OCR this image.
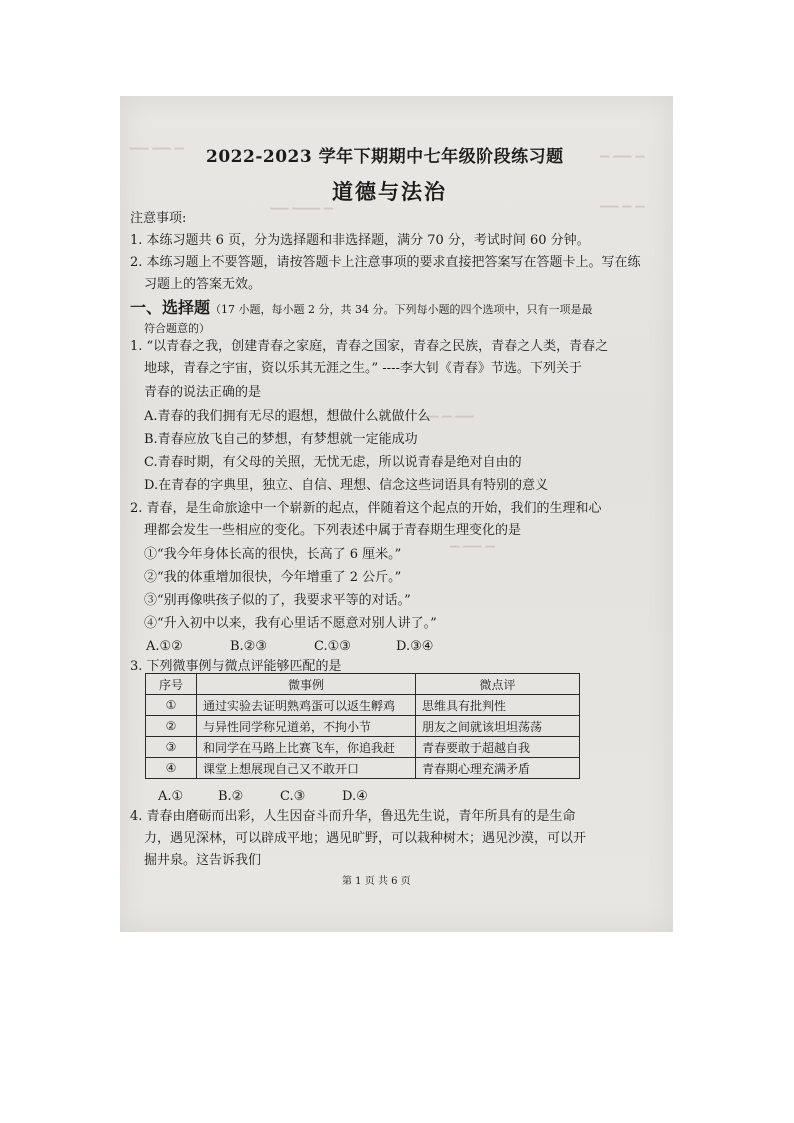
▔▔ ▔▔ ▔
▔ ▔▔ ▔
▔▔ ▔ ▔
▔▔ ▔▔▔ ▔
▔▔ ▔ ▔▔
▔ ▔▔ ▔
2022-2023 学年下期期中七年级阶段练习题
道德与法治
注意事项:
1. 本练习题共 6 页，分为选择题和非选择题，满分 70 分，考试时间 60 分钟。
2. 本练习题上不要答题，请按答题卡上注意事项的要求直接把答案写在答题卡上。写在练
习题上的答案无效。
一、选择题（17 小题，每小题 2 分，共 34 分。下列每小题的四个选项中，只有一项是最
符合题意的）
1. “以青春之我，创建青春之家庭，青春之国家，青春之民族，青春之人类，青春之
地球，青春之宇宙，资以乐其无涯之生。” ----李大钊《青春》节选。下列关于
青春的说法正确的是
A.青春的我们拥有无尽的遐想，想做什么就做什么
B.青春应放飞自己的梦想，有梦想就一定能成功
C.青春时期，有父母的关照，无忧无虑，所以说青春是绝对自由的
D.在青春的字典里，独立、自信、理想、信念这些词语具有特别的意义
2. 青春，是生命旅途中一个崭新的起点，伴随着这个起点的开始，我们的生理和心
理都会发生一些相应的变化。下列表述中属于青春期生理变化的是
①“我今年身体长高的很快，长高了 6 厘米。”
②“我的体重增加很快，今年增重了 2 公斤。”
③“别再像哄孩子似的了，我要求平等的对话。”
④“升入初中以来，我有心里话不愿意对别人讲了。”
A.①②	B.②③	C.①③	D.③④
3. 下列微事例与微点评能够匹配的是
序号	微事例	微点评
①	通过实验去证明熟鸡蛋可以返生孵鸡	思维具有批判性
②	与异性同学称兄道弟，不拘小节	朋友之间就该坦坦荡荡
③	和同学在马路上比赛飞车，你追我赶	青春要敢于超越自我
④	课堂上想展现自己又不敢开口	青春期心理充满矛盾
A.①	B.②	C.③	D.④
4. 青春由磨砺而出彩，人生因奋斗而升华，鲁迅先生说，青年所具有的是生命
力，遇见深林，可以辟成平地；遇见旷野，可以栽种树木；遇见沙漠，可以开
掘井泉。这告诉我们
第 1 页 共 6 页
